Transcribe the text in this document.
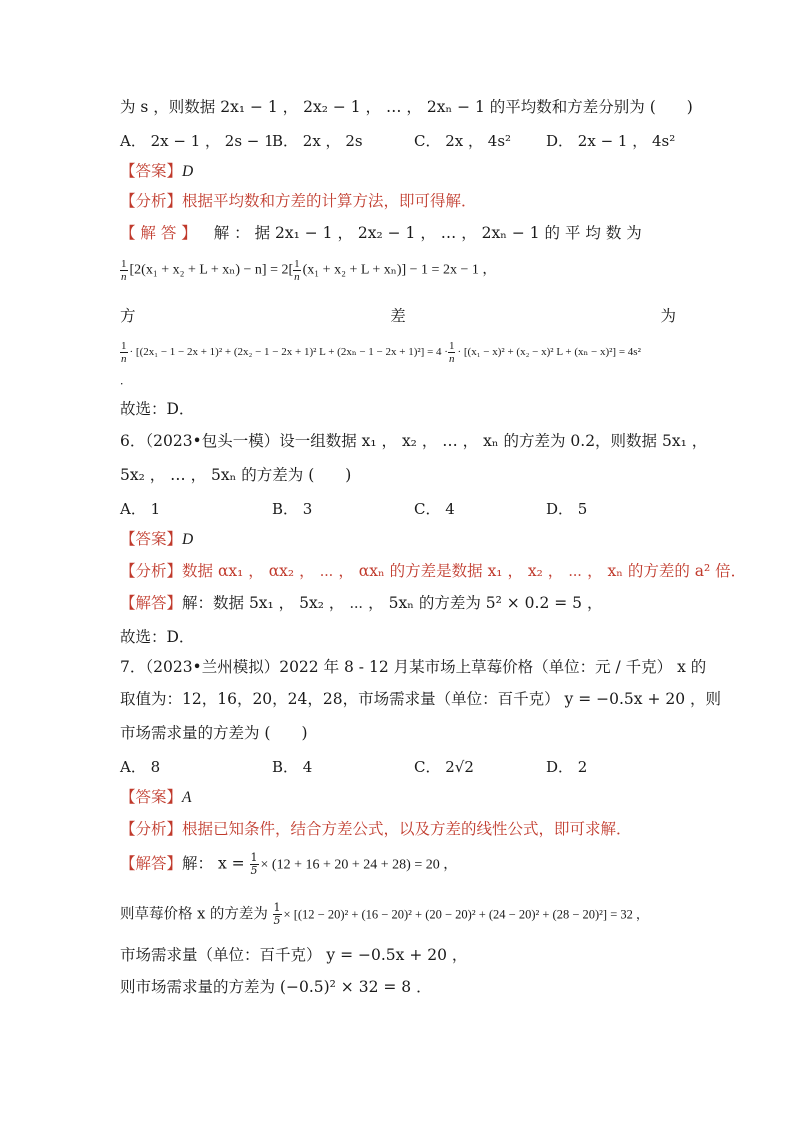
为 s ，则数据 2x₁ − 1 ， 2x₂ − 1 ， … ， 2xₙ − 1 的平均数和方差分别为 (　　)
A． 2x − 1 ， 2s − 1
B． 2x ， 2s	C． 2x ， 4s² D． 2x − 1 ， 4s²
【答案】D
【分析】根据平均数和方差的计算方法，即可得解．
【 解 答 】 解 ： 据 2x₁ − 1 ， 2x₂ − 1 ， … ， 2xₙ − 1 的 平 均 数 为
$\frac{1}{n} [2(x_1 + x_2 + L + x_n) - n] = 2[ \frac{1}{n} (x_1 + x_2 + L + x_n)] - 1 = 2x - 1$ ，
方	差	为
$\frac{1}{n} \cdot [(2x_1 - 1 - 2x + 1)^2 + (2x_2 - 1 - 2x + 1)^2$ $L + (2x_n - 1 - 2x + 1)^2] = 4 \cdot \frac{1}{n} \cdot [(x_1 - x)^2 + (x_2 - x)^2$ L + (xₙ − x)²] = 4s²
．
故选：D．
6．（2023•包头一模）设一组数据 x₁ ， x₂ ， … ， xₙ 的方差为 0.2，则数据 5x₁ ，
5x₂ ， … ， 5xₙ 的方差为 (　　)
A． 1	B． 3	C． 4	D． 5
【答案】D
【分析】数据 αx₁ ， αx₂ ， ⋯ ， αxₙ 的方差是数据 x₁ ， x₂ ， ⋯ ， xₙ 的方差的 a² 倍．
【解答】解：数据 5x₁ ， 5x₂ ， ⋯ ， 5xₙ 的方差为 5² × 0.2 = 5 ，
故选：D．
7．（2023•兰州模拟）2022 年 8 - 12 月某市场上草莓价格（单位：元 / 千克） x 的
取值为：12，16，20，24，28，市场需求量（单位：百千克） y = −0.5x + 20 ，则
市场需求量的方差为 (　　)
A． 8	B． 4	C． 2√2	D． 2
【答案】A
【分析】根据已知条件，结合方差公式，以及方差的线性公式，即可求解．
【解答】解： $x = \frac{1}{5} \times (12 + 16 + 20 + 24 + 28) = 20$ ，
则草莓价格 x 的方差为 $\frac{1}{5} \times [(12 - 20)^2 + (16 - 20)^2 + (20 - 20)^2 + (24 - 20)^2 + (28 - 20)^2] = 32$ ，
市场需求量（单位：百千克） y = −0.5x + 20 ，
则市场需求量的方差为 (−0.5)² × 32 = 8 ．
